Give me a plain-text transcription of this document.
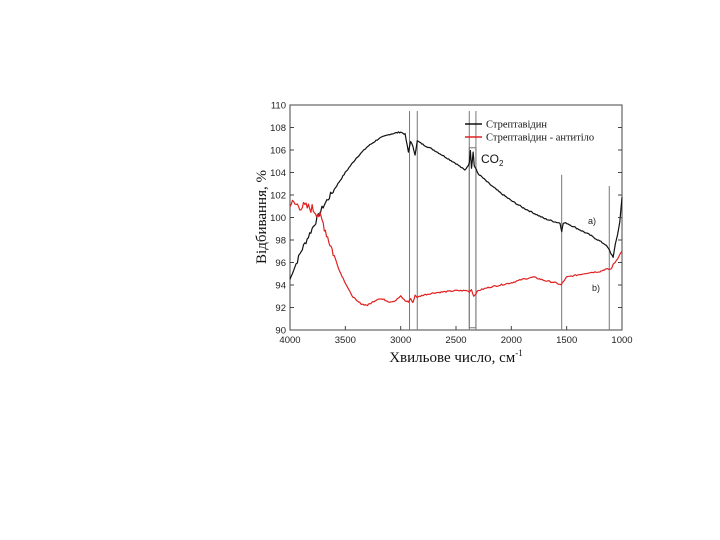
90
92
94
96
98
100
102
104
106
108
110
4000	3500	3000	2500	2000	1500	1000
Стрептавідин
Стрептавідин - антитіло
$CO_2$
a)
b)
Відбивання, %
Хвильове число, $см^{-1}$
